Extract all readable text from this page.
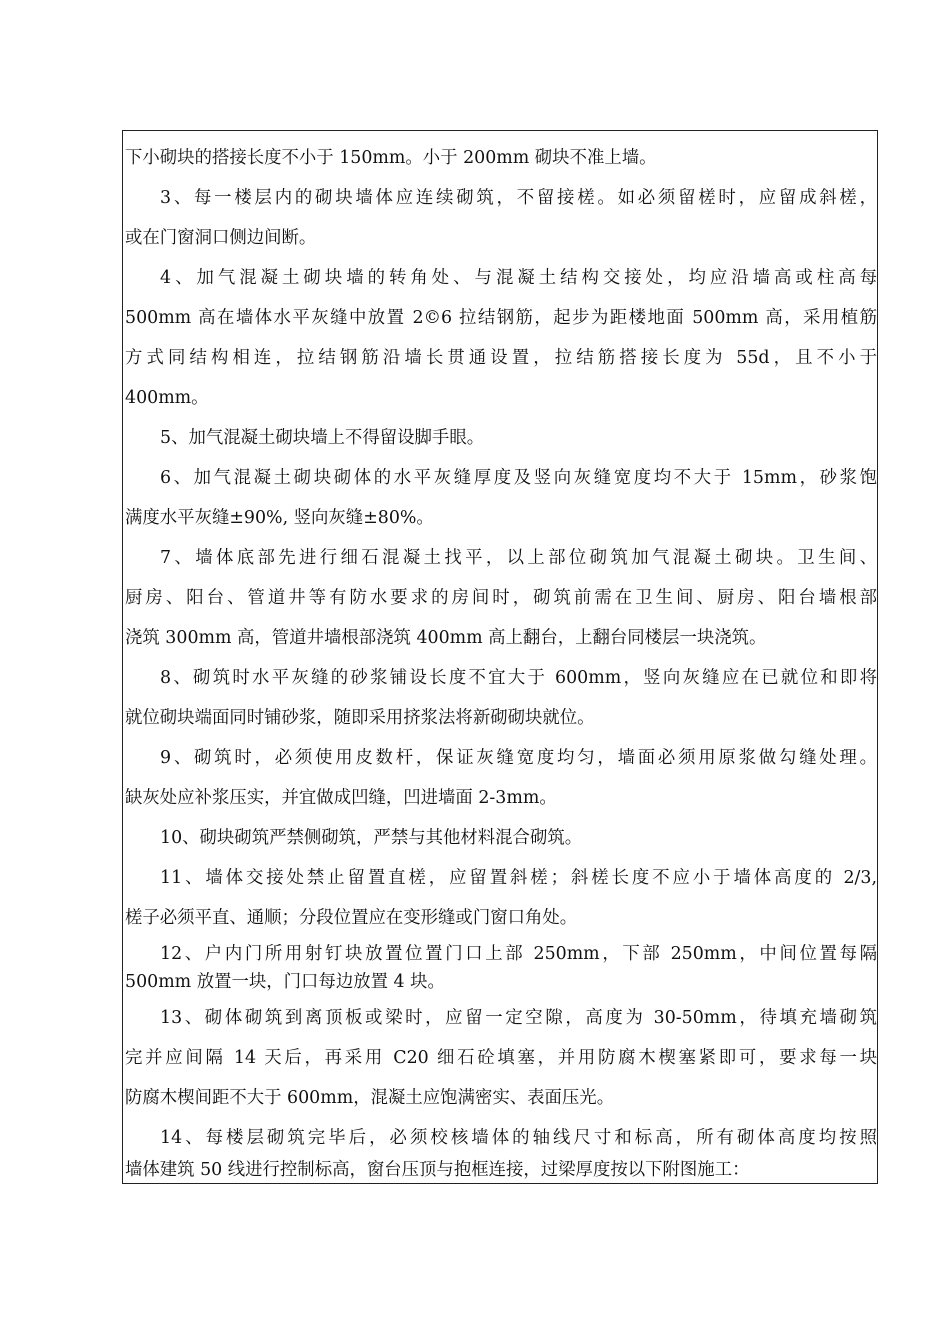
下小砌块的搭接长度不小于 150mm。小于 200mm 砌块不准上墙。
3、每一楼层内的砌块墙体应连续砌筑，不留接槎。如必须留槎时，应留成斜槎，
或在门窗洞口侧边间断。
4、加气混凝土砌块墙的转角处、与混凝土结构交接处，均应沿墙高或柱高每
500mm 高在墙体水平灰缝中放置 2©6 拉结钢筋，起步为距楼地面 500mm 高，采用植筋
方式同结构相连，拉结钢筋沿墙长贯通设置，拉结筋搭接长度为 55d，且不小于
400mm。
5、加气混凝土砌块墙上不得留设脚手眼。
6、加气混凝土砌块砌体的水平灰缝厚度及竖向灰缝宽度均不大于 15mm，砂浆饱
满度水平灰缝±90%, 竖向灰缝±80%。
7、墙体底部先进行细石混凝土找平，以上部位砌筑加气混凝土砌块。卫生间、
厨房、阳台、管道井等有防水要求的房间时，砌筑前需在卫生间、厨房、阳台墙根部
浇筑 300mm 高，管道井墙根部浇筑 400mm 高上翻台，上翻台同楼层一块浇筑。
8、砌筑时水平灰缝的砂浆铺设长度不宜大于 600mm，竖向灰缝应在已就位和即将
就位砌块端面同时铺砂浆，随即采用挤浆法将新砌砌块就位。
9、砌筑时，必须使用皮数杆，保证灰缝宽度均匀，墙面必须用原浆做勾缝处理。
缺灰处应补浆压实，并宜做成凹缝，凹进墙面 2-3mm。
10、砌块砌筑严禁侧砌筑，严禁与其他材料混合砌筑。
11、墙体交接处禁止留置直槎，应留置斜槎；斜槎长度不应小于墙体高度的 2/3,
槎子必须平直、通顺；分段位置应在变形缝或门窗口角处。
12、户内门所用射钉块放置位置门口上部 250mm，下部 250mm，中间位置每隔
500mm 放置一块，门口每边放置 4 块。
13、砌体砌筑到离顶板或梁时，应留一定空隙，高度为 30-50mm，待填充墙砌筑
完并应间隔 14 天后，再采用 C20 细石砼填塞，并用防腐木楔塞紧即可，要求每一块
防腐木楔间距不大于 600mm，混凝土应饱满密实、表面压光。
14、每楼层砌筑完毕后，必须校核墙体的轴线尺寸和标高，所有砌体高度均按照
墙体建筑 50 线进行控制标高，窗台压顶与抱框连接，过梁厚度按以下附图施工：
